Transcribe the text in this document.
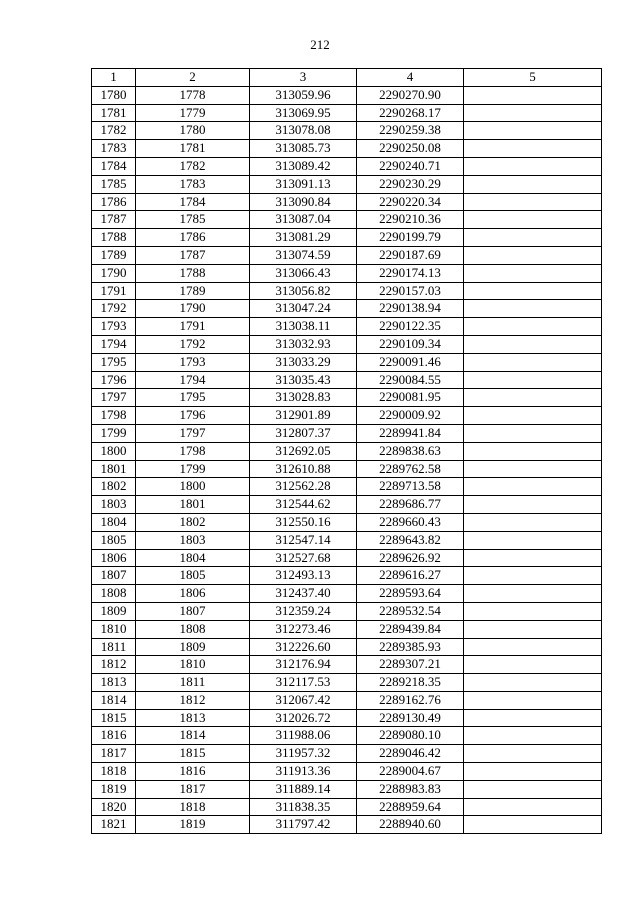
212
1	2	3	4	5
1780	1778	313059.96	2290270.90	
1781	1779	313069.95	2290268.17	
1782	1780	313078.08	2290259.38	
1783	1781	313085.73	2290250.08	
1784	1782	313089.42	2290240.71	
1785	1783	313091.13	2290230.29	
1786	1784	313090.84	2290220.34	
1787	1785	313087.04	2290210.36	
1788	1786	313081.29	2290199.79	
1789	1787	313074.59	2290187.69	
1790	1788	313066.43	2290174.13	
1791	1789	313056.82	2290157.03	
1792	1790	313047.24	2290138.94	
1793	1791	313038.11	2290122.35	
1794	1792	313032.93	2290109.34	
1795	1793	313033.29	2290091.46	
1796	1794	313035.43	2290084.55	
1797	1795	313028.83	2290081.95	
1798	1796	312901.89	2290009.92	
1799	1797	312807.37	2289941.84	
1800	1798	312692.05	2289838.63	
1801	1799	312610.88	2289762.58	
1802	1800	312562.28	2289713.58	
1803	1801	312544.62	2289686.77	
1804	1802	312550.16	2289660.43	
1805	1803	312547.14	2289643.82	
1806	1804	312527.68	2289626.92	
1807	1805	312493.13	2289616.27	
1808	1806	312437.40	2289593.64	
1809	1807	312359.24	2289532.54	
1810	1808	312273.46	2289439.84	
1811	1809	312226.60	2289385.93	
1812	1810	312176.94	2289307.21	
1813	1811	312117.53	2289218.35	
1814	1812	312067.42	2289162.76	
1815	1813	312026.72	2289130.49	
1816	1814	311988.06	2289080.10	
1817	1815	311957.32	2289046.42	
1818	1816	311913.36	2289004.67	
1819	1817	311889.14	2288983.83	
1820	1818	311838.35	2288959.64	
1821	1819	311797.42	2288940.60	
